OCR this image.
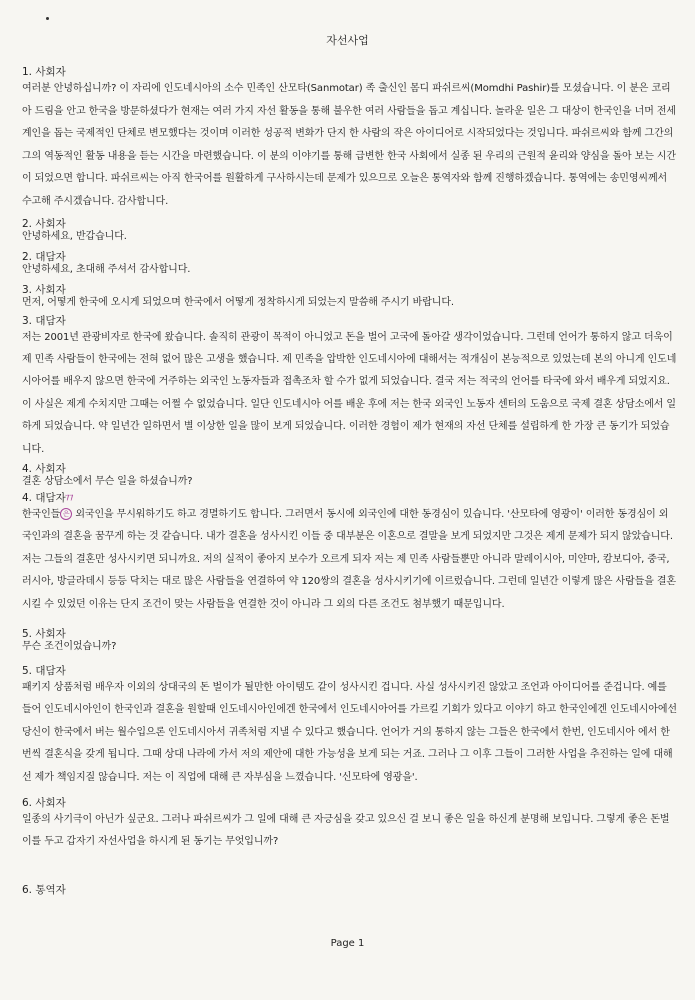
자선사업
1. 사회자
여러분 안녕하십니까? 이 자리에 인도네시아의 소수 민족인 산모타(Sanmotar) 족 출신인 몸디 파쉬르씨(Momdhi Pashir)를 모셨습니다. 이 분은 코리아 드림을 안고 한국을 방문하셨다가 현재는 여러 가지 자선 활동을 통해 불우한 여러 사람들을 돕고 계십니다. 놀라운 일은 그 대상이 한국인을 너머 전세계인을 돕는 국제적인 단체로 변모했다는 것이며 이러한 성공적 변화가 단지 한 사람의 작은 아이디어로 시작되었다는 것입니다. 파쉬르씨와 함께 그간의 그의 역동적인 활동 내용을 듣는 시간을 마련했습니다. 이 분의 이야기를 통해 급변한 한국 사회에서 실종 된 우리의 근원적 윤리와 양심을 돌아 보는 시간이 되었으면 합니다. 파쉬르씨는 아직 한국어를 원활하게 구사하시는데 문제가 있으므로 오늘은 통역자와 함께 진행하겠습니다. 통역에는 송민영씨께서 수고해 주시겠습니다. 감사합니다.
2. 사회자
안녕하세요, 반갑습니다.
2. 대담자
안녕하세요, 초대해 주셔서 감사합니다.
3. 사회자
먼저, 어떻게 한국에 오시게 되었으며 한국에서 어떻게 정착하시게 되었는지 말씀해 주시기 바랍니다.
3. 대담자
저는 2001년 관광비자로 한국에 왔습니다. 솔직히 관광이 목적이 아니었고 돈을 벌어 고국에 돌아갈 생각이었습니다. 그런데 언어가 통하지 않고 더욱이 제 민족 사람들이 한국에는 전혀 없어 많은 고생을 했습니다. 제 민족을 압박한 인도네시아에 대해서는 적개심이 본능적으로 있었는데 본의 아니게 인도네시아어를 배우지 않으면 한국에 거주하는 외국인 노동자들과 접촉조차 할 수가 없게 되었습니다. 결국 저는 적국의 언어를 타국에 와서 배우게 되었지요. 이 사실은 제게 수치지만 그때는 어쩔 수 없었습니다. 일단 인도네시아 어를 배운 후에 저는 한국 외국인 노동자 센터의 도움으로 국제 결혼 상담소에서 일하게 되었습니다. 약 일년간 일하면서 별 이상한 일을 많이 보게 되었습니다. 이러한 경험이 제가 현재의 자선 단체를 설립하게 한 가장 큰 동기가 되었습니다.
4. 사회자
결혼 상담소에서 무슨 일을 하셨습니까?
4. 대담자ㄲ
한국인들 은 외국인을 무시워하기도 하고 경멸하기도 합니다. 그러면서 동시에 외국인에 대한 동경심이 있습니다. '산모타에 영광이' 이러한 동경심이 외국인과의 결혼을 꿈꾸게 하는 것 같습니다. 내가 결혼을 성사시킨 이들 중 대부분은 이혼으로 결말을 보게 되었지만 그것은 제게 문제가 되지 않았습니다. 저는 그들의 결혼만 성사시키면 되니까요. 저의 실적이 좋아지 보수가 오르게 되자 저는 제 민족 사람들뿐만 아니라 말레이시아, 미얀마, 캄보디아, 중국, 러시아, 방글라데시 등등 닥치는 대로 많은 사람들을 연결하여 약 120쌍의 결혼을 성사시키기에 이르렀습니다. 그런데 일년간 이렇게 많은 사람들을 결혼 시킬 수 있었던 이유는 단지 조건이 맞는 사람들을 연결한 것이 아니라 그 외의 다른 조건도 첨부했기 때문입니다.
5. 사회자
무슨 조건이었습니까?
5. 대담자
패키지 상품처럼 배우자 이외의 상대국의 돈 벌이가 될만한 아이템도 같이 성사시킨 겁니다. 사실 성사시키진 않았고 조언과 아이디어를 준겁니다. 예를 들어 인도네시아인이 한국인과 결혼을 원할때 인도네시아인에겐 한국에서 인도네시아어를 가르킬 기회가 있다고 이야기 하고 한국인에겐 인도네시아에선 당신이 한국에서 버는 월수입으론 인도네시아서 귀족처럼 지낼 수 있다고 했습니다. 언어가 거의 통하지 않는 그들은 한국에서 한번, 인도네시아 에서 한번씩 결혼식을 갖게 됩니다. 그때 상대 나라에 가서 저의 제안에 대한 가능성을 보게 되는 거죠. 그러나 그 이후 그들이 그러한 사업을 추진하는 일에 대해선 제가 책임지질 않습니다. 저는 이 직업에 대해 큰 자부심을 느꼈습니다. '신모타에 영광을'.
6. 사회자
일종의 사기극이 아닌가 싶군요. 그러나 파쉬르씨가 그 일에 대해 큰 자긍심을 갖고 있으신 걸 보니 좋은 일을 하신게 분명해 보입니다. 그렇게 좋은 돈벌이를 두고 갑자기 자선사업을 하시게 된 동기는 무엇입니까?
6. 통역자
Page 1
